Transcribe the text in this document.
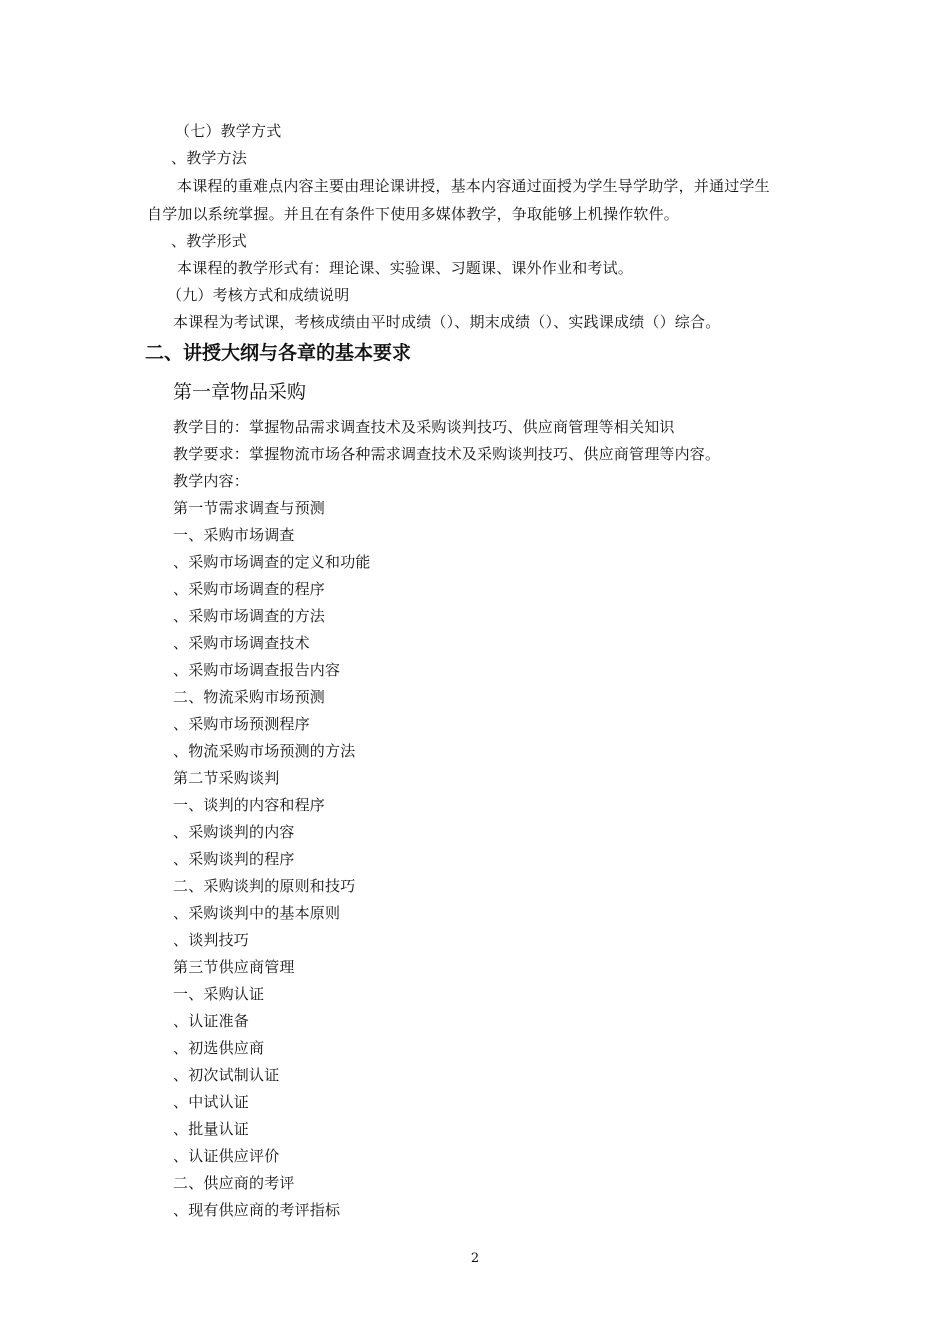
（七）教学方式
、教学方法
本课程的重难点内容主要由理论课讲授，基本内容通过面授为学生导学助学，并通过学生
自学加以系统掌握。并且在有条件下使用多媒体教学，争取能够上机操作软件。
、教学形式
本课程的教学形式有：理论课、实验课、习题课、课外作业和考试。
（九）考核方式和成绩说明
本课程为考试课，考核成绩由平时成绩（）、期末成绩（）、实践课成绩（）综合。
二、讲授大纲与各章的基本要求
第一章物品采购
教学目的：掌握物品需求调查技术及采购谈判技巧、供应商管理等相关知识
教学要求：掌握物流市场各种需求调查技术及采购谈判技巧、供应商管理等内容。
教学内容：
第一节需求调查与预测
一、采购市场调查
、采购市场调查的定义和功能
、采购市场调查的程序
、采购市场调查的方法
、采购市场调查技术
、采购市场调查报告内容
二、物流采购市场预测
、采购市场预测程序
、物流采购市场预测的方法
第二节采购谈判
一、谈判的内容和程序
、采购谈判的内容
、采购谈判的程序
二、采购谈判的原则和技巧
、采购谈判中的基本原则
、谈判技巧
第三节供应商管理
一、采购认证
、认证准备
、初选供应商
、初次试制认证
、中试认证
、批量认证
、认证供应评价
二、供应商的考评
、现有供应商的考评指标
2
